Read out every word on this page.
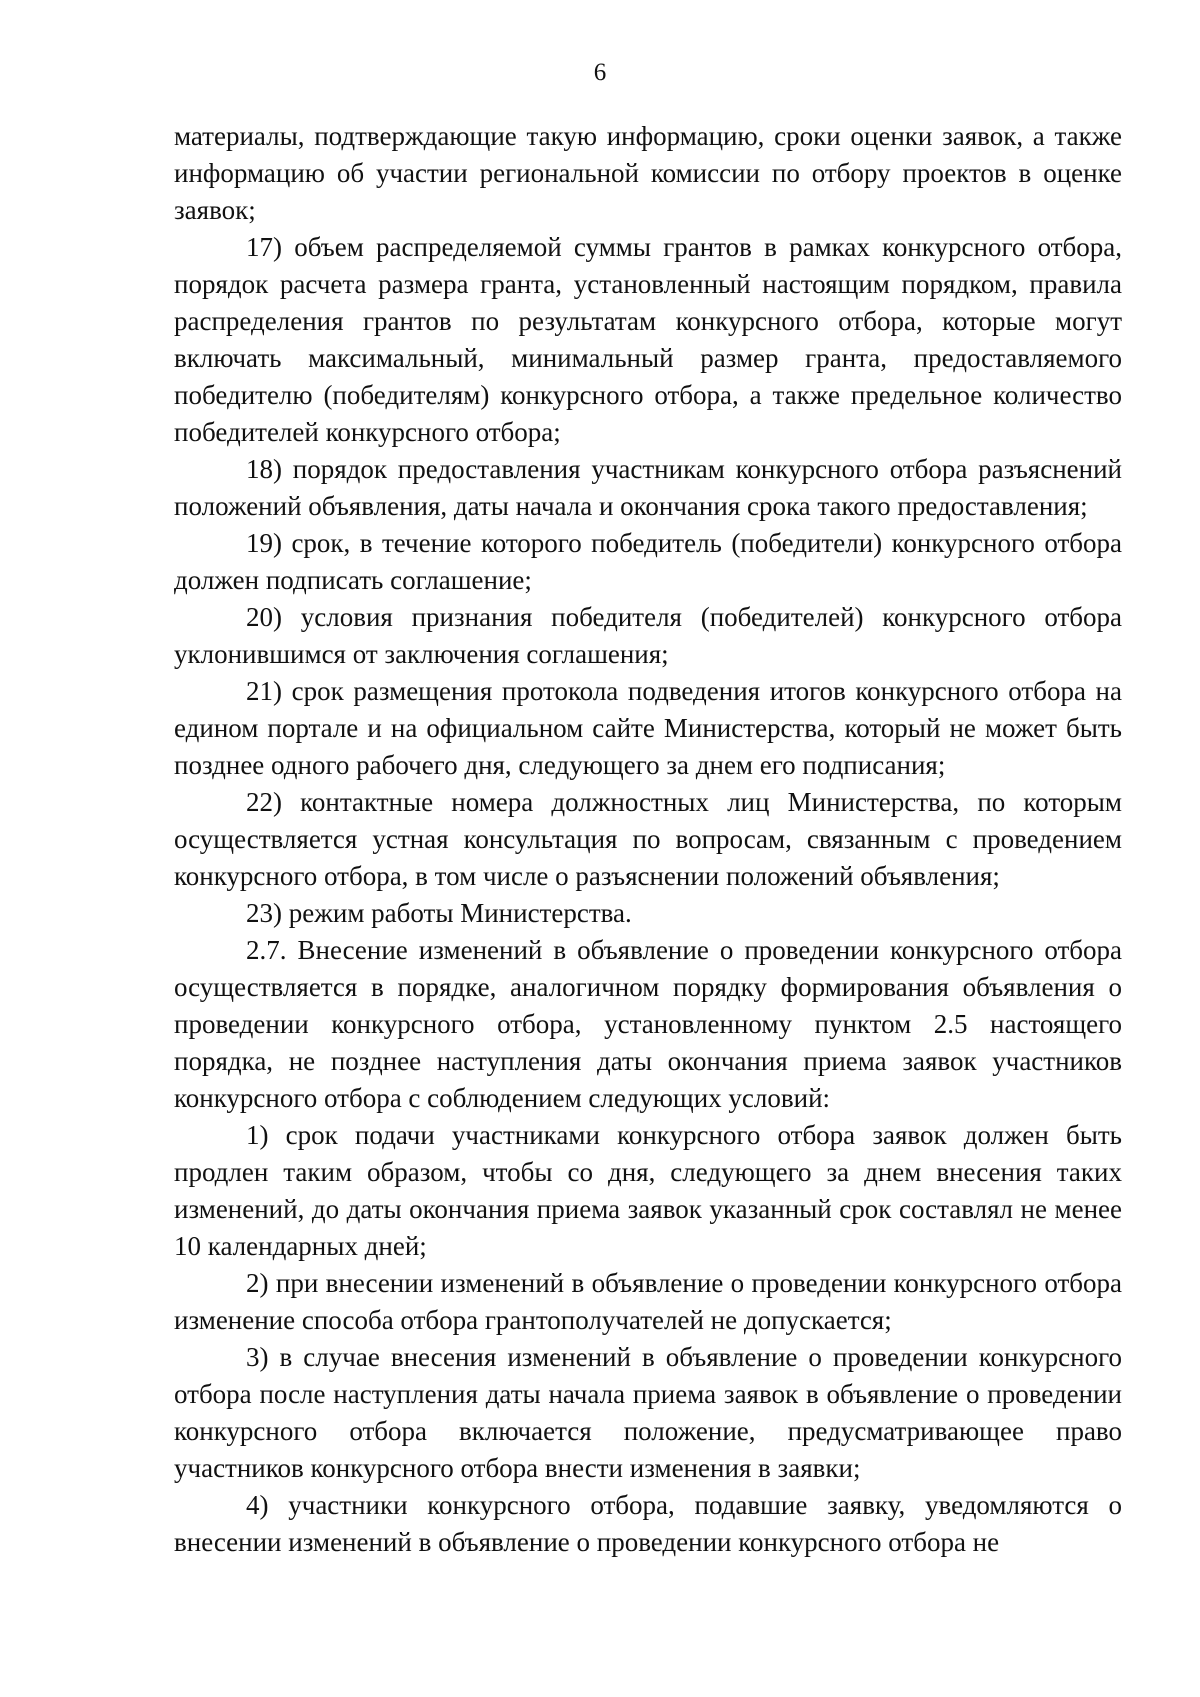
6

материалы, подтверждающие такую информацию, сроки оценки заявок, а также информацию об участии региональной комиссии по отбору проектов в оценке заявок;

17) объем распределяемой суммы грантов в рамках конкурсного отбора, порядок расчета размера гранта, установленный настоящим порядком, правила распределения грантов по результатам конкурсного отбора, которые могут включать максимальный, минимальный размер гранта, предоставляемого победителю (победителям) конкурсного отбора, а также предельное количество победителей конкурсного отбора;

18) порядок предоставления участникам конкурсного отбора разъяснений положений объявления, даты начала и окончания срока такого предоставления;

19) срок, в течение которого победитель (победители) конкурсного отбора должен подписать соглашение;

20) условия признания победителя (победителей) конкурсного отбора уклонившимся от заключения соглашения;

21) срок размещения протокола подведения итогов конкурсного отбора на едином портале и на официальном сайте Министерства, который не может быть позднее одного рабочего дня, следующего за днем его подписания;

22) контактные номера должностных лиц Министерства, по которым осуществляется устная консультация по вопросам, связанным с проведением конкурсного отбора, в том числе о разъяснении положений объявления;

23) режим работы Министерства.

2.7. Внесение изменений в объявление о проведении конкурсного отбора осуществляется в порядке, аналогичном порядку формирования объявления о проведении конкурсного отбора, установленному пунктом 2.5 настоящего порядка, не позднее наступления даты окончания приема заявок участников конкурсного отбора с соблюдением следующих условий:

1) срок подачи участниками конкурсного отбора заявок должен быть продлен таким образом, чтобы со дня, следующего за днем внесения таких изменений, до даты окончания приема заявок указанный срок составлял не менее 10 календарных дней;

2) при внесении изменений в объявление о проведении конкурсного отбора изменение способа отбора грантополучателей не допускается;

3) в случае внесения изменений в объявление о проведении конкурсного отбора после наступления даты начала приема заявок в объявление о проведении конкурсного отбора включается положение, предусматривающее право участников конкурсного отбора внести изменения в заявки;

4) участники конкурсного отбора, подавшие заявку, уведомляются о внесении изменений в объявление о проведении конкурсного отбора не
